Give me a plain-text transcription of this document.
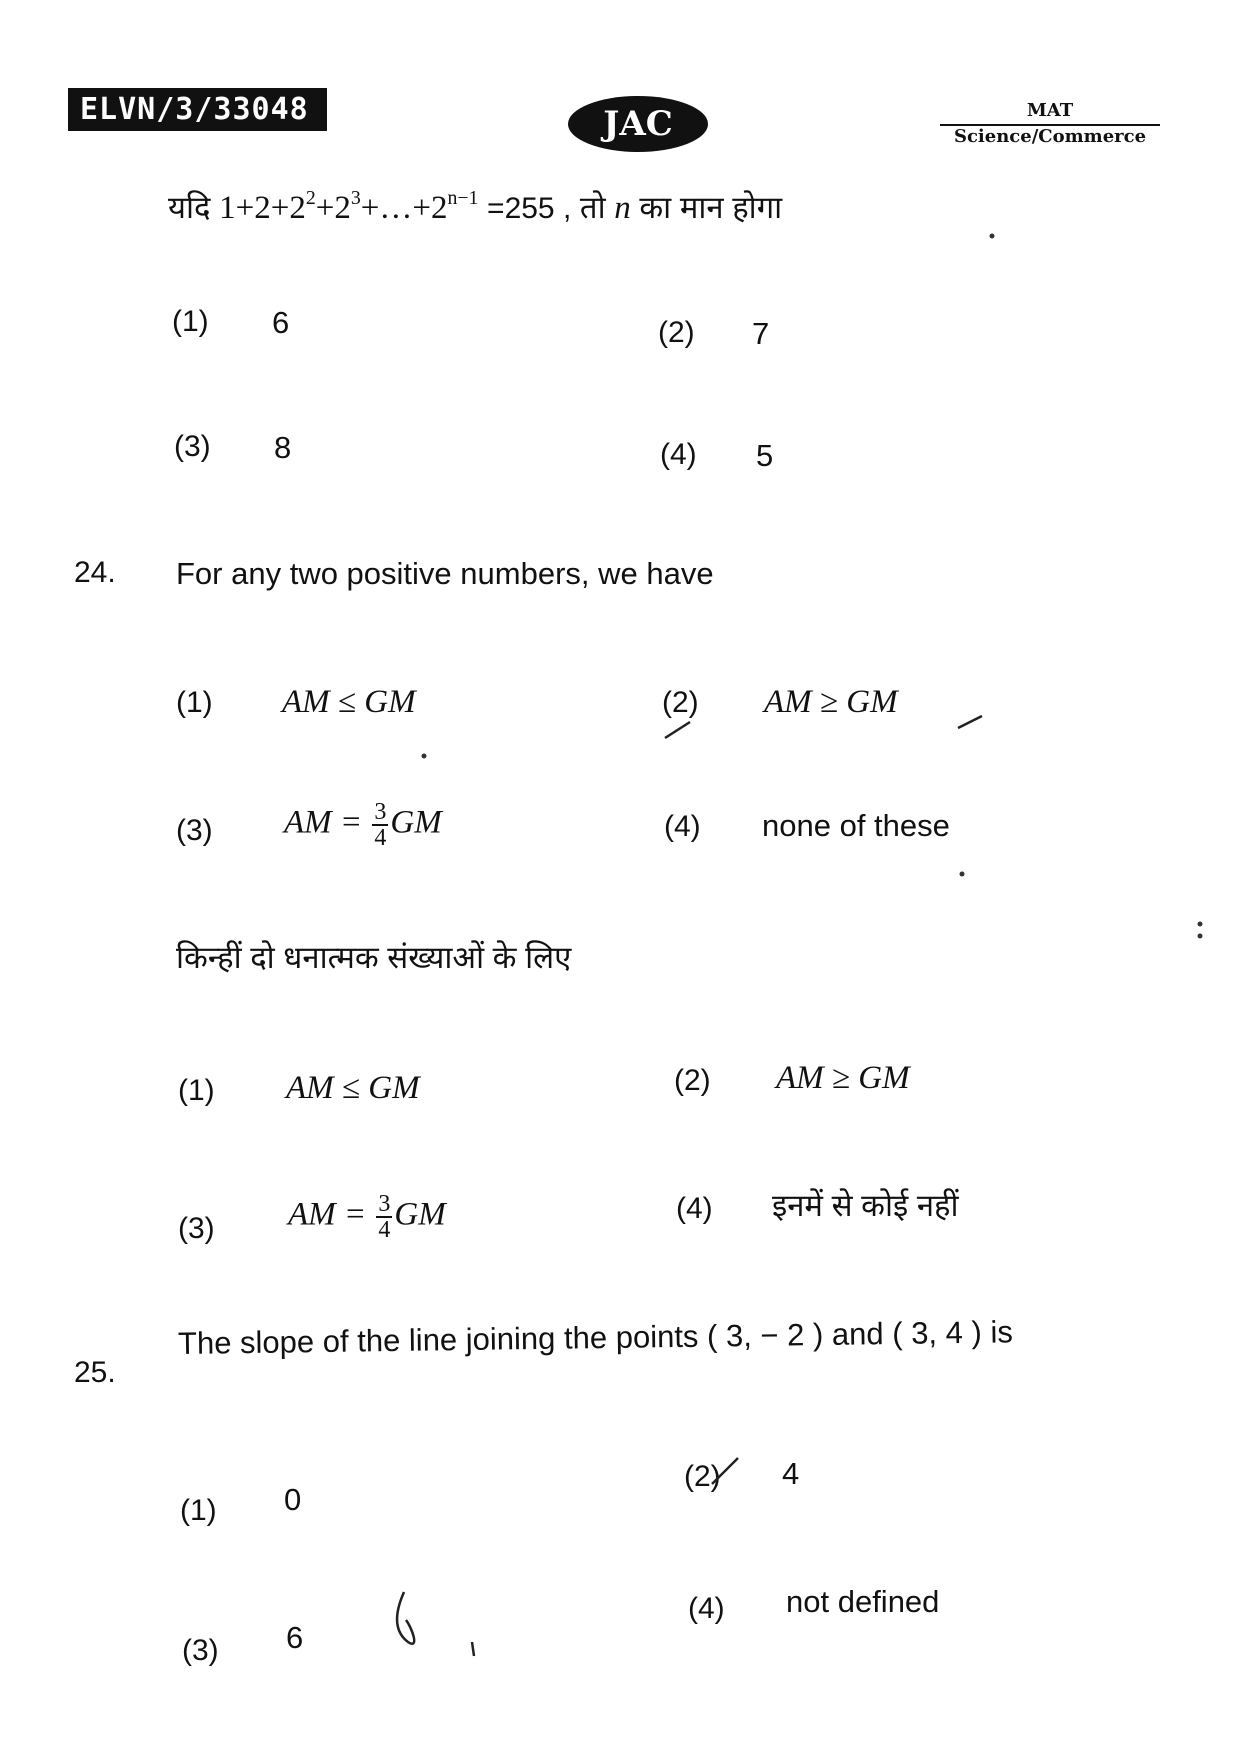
ELVN/3/33048	JAC	MAT
Science/Commerce
यदि $1+2+2^2+2^3+\dots+2^{n-1} =255$ , तो n का मान होगा
(1) 6	(2) 7
(3) 8	(4) 5
24. For any two positive numbers, we have
(1) AM ≤ GM	(2) AM ≥ GM
(3) AM = $\frac{3}{4}$ GM	(4) none of these
किन्हीं दो धनात्मक संख्याओं के लिए
(1) AM ≤ GM	(2) AM ≥ GM
(3) AM = $\frac{3}{4}$ GM	(4) इनमें से कोई नहीं
25.
The slope of the line joining the points ( 3, − 2 ) and ( 3, 4 ) is
(1) 0
(2) 4
(3) 6
(4) not defined
